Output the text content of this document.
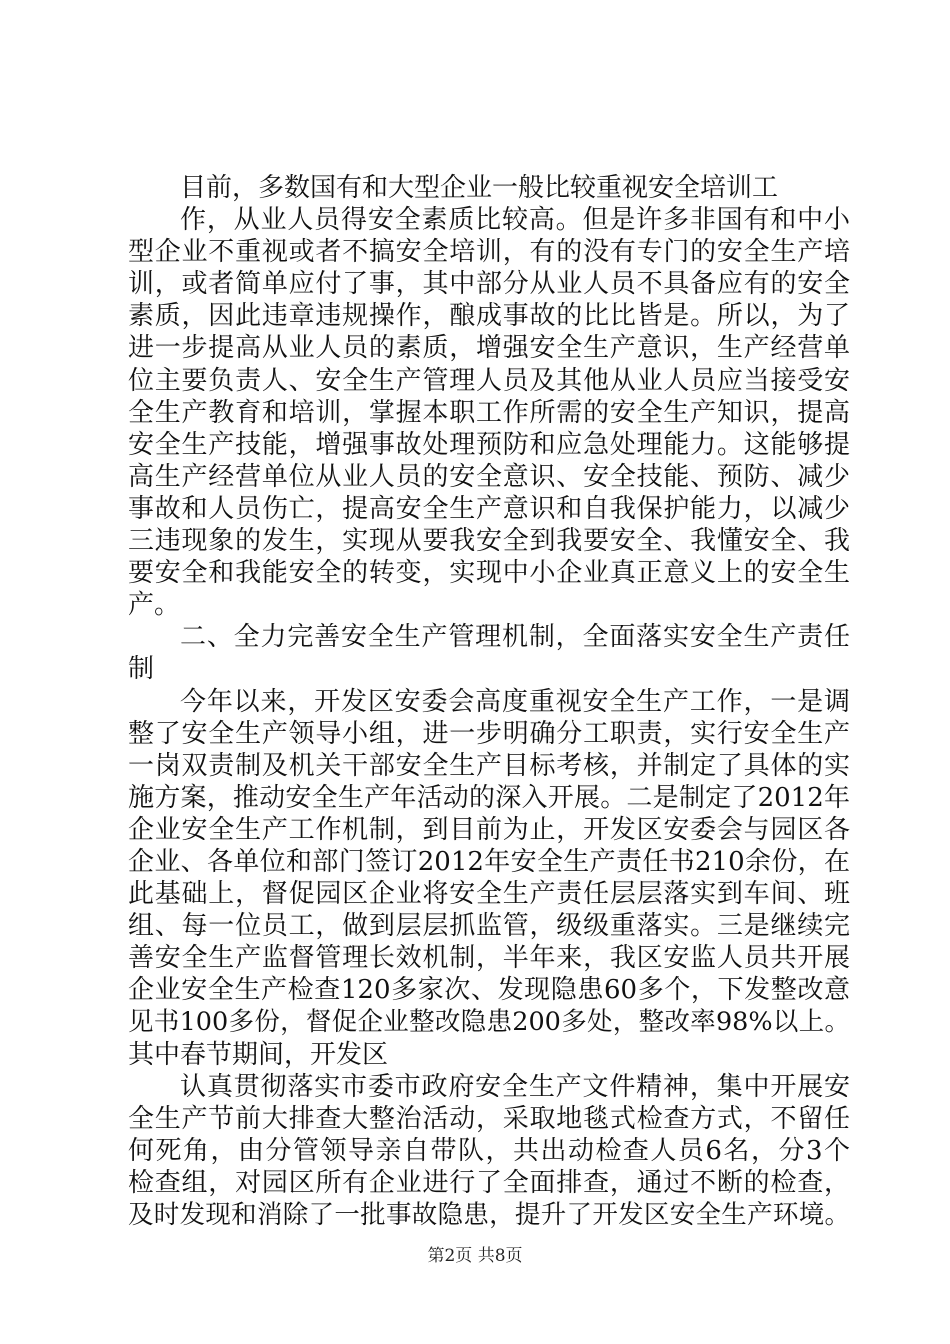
目前，多数国有和大型企业一般比较重视安全培训工
作，从业人员得安全素质比较高。但是许多非国有和中小
型企业不重视或者不搞安全培训，有的没有专门的安全生产培
训，或者简单应付了事，其中部分从业人员不具备应有的安全
素质，因此违章违规操作，酿成事故的比比皆是。所以，为了
进一步提高从业人员的素质，增强安全生产意识，生产经营单
位主要负责人、安全生产管理人员及其他从业人员应当接受安
全生产教育和培训，掌握本职工作所需的安全生产知识，提高
安全生产技能，增强事故处理预防和应急处理能力。这能够提
高生产经营单位从业人员的安全意识、安全技能、预防、减少
事故和人员伤亡，提高安全生产意识和自我保护能力，以减少
三违现象的发生，实现从要我安全到我要安全、我懂安全、我
要安全和我能安全的转变，实现中小企业真正意义上的安全生
产。
二、全力完善安全生产管理机制，全面落实安全生产责任
制
今年以来，开发区安委会高度重视安全生产工作，一是调
整了安全生产领导小组，进一步明确分工职责，实行安全生产
一岗双责制及机关干部安全生产目标考核，并制定了具体的实
施方案，推动安全生产年活动的深入开展。二是制定了2012年
企业安全生产工作机制，到目前为止，开发区安委会与园区各
企业、各单位和部门签订2012年安全生产责任书210余份，在
此基础上，督促园区企业将安全生产责任层层落实到车间、班
组、每一位员工，做到层层抓监管，级级重落实。三是继续完
善安全生产监督管理长效机制，半年来，我区安监人员共开展
企业安全生产检查120多家次、发现隐患60多个，下发整改意
见书100多份，督促企业整改隐患200多处，整改率98%以上。
其中春节期间，开发区
认真贯彻落实市委市政府安全生产文件精神，集中开展安
全生产节前大排查大整治活动，采取地毯式检查方式，不留任
何死角，由分管领导亲自带队，共出动检查人员6名，分3个
检查组，对园区所有企业进行了全面排查，通过不断的检查，
及时发现和消除了一批事故隐患，提升了开发区安全生产环境。
第2页 共8页
